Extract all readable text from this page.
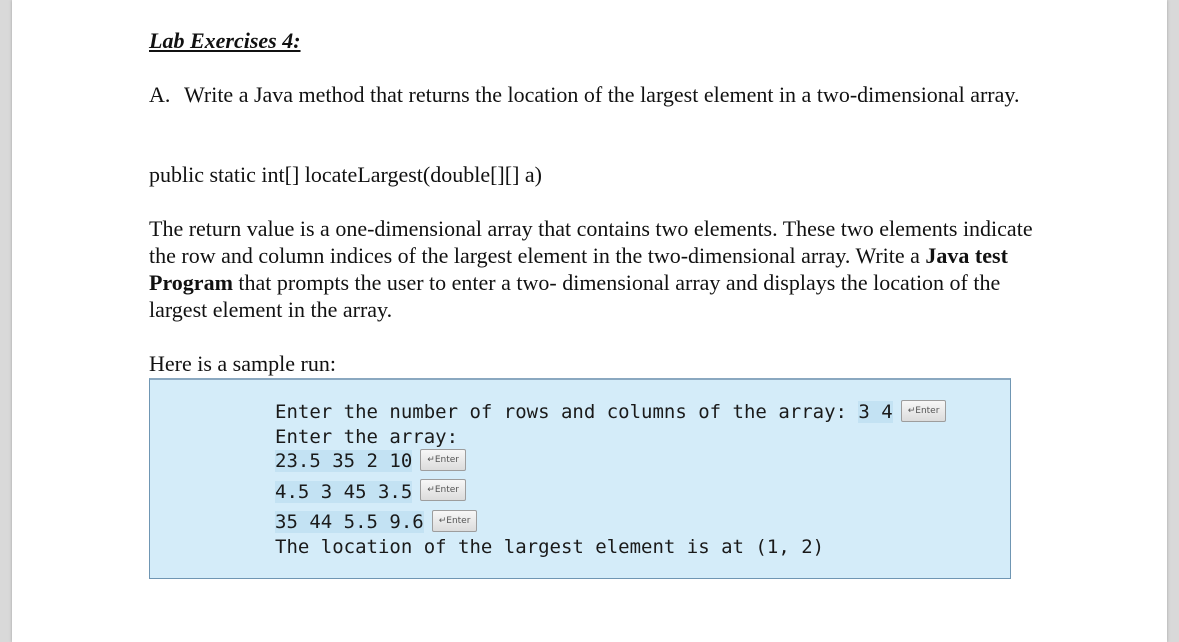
Lab Exercises 4:
A. Write a Java method that returns the location of the largest element in a two-dimensional array.
public static int[] locateLargest(double[][] a)
The return value is a one-dimensional array that contains two elements. These two elements indicate the row and column indices of the largest element in the two-dimensional array. Write a Java test Program that prompts the user to enter a two- dimensional array and displays the location of the largest element in the array.
Here is a sample run:
Enter the number of rows and columns of the array: 3 4 ↵Enter
Enter the array:
23.5 35 2 10 ↵Enter
4.5 3 45 3.5 ↵Enter
35 44 5.5 9.6 ↵Enter
The location of the largest element is at (1, 2)
